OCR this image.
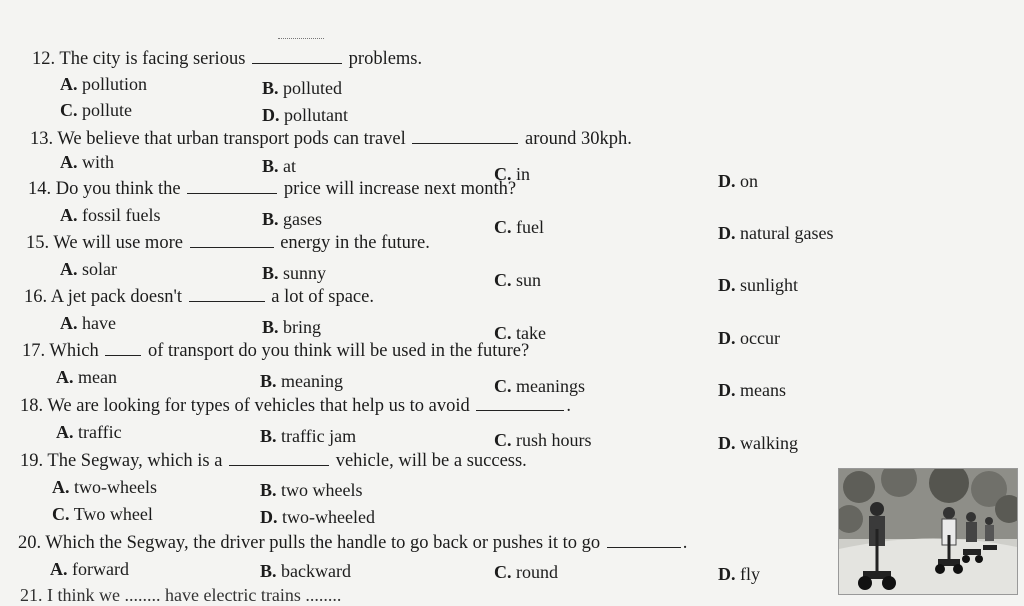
12. The city is facing serious	problems.
A. pollution	B. polluted
C. pollute	D. pollutant
13. We believe that urban transport pods can travel	around 30kph.
A. with	B. at	C. in	D. on
14. Do you think the	price will increase next month?
A. fossil fuels	B. gases	C. fuel	D. natural gases
15. We will use more	energy in the future.
A. solar	B. sunny	C. sun	D. sunlight
16. A jet pack doesn't	a lot of space.
A. have	B. bring	C. take	D. occur
17. Which	of transport do you think will be used in the future?
A. mean	B. meaning	C. meanings	D. means
18. We are looking for types of vehicles that help us to avoid	.
A. traffic	B. traffic jam	C. rush hours	D. walking
19. The Segway, which is a	vehicle, will be a success.
A. two-wheels	B. two wheels
C. Two wheel	D. two-wheeled
20. Which the Segway, the driver pulls the handle to go back or pushes it to go	.
A. forward	B. backward	C. round	D. fly
21. I think we ........ have electric trains ........
